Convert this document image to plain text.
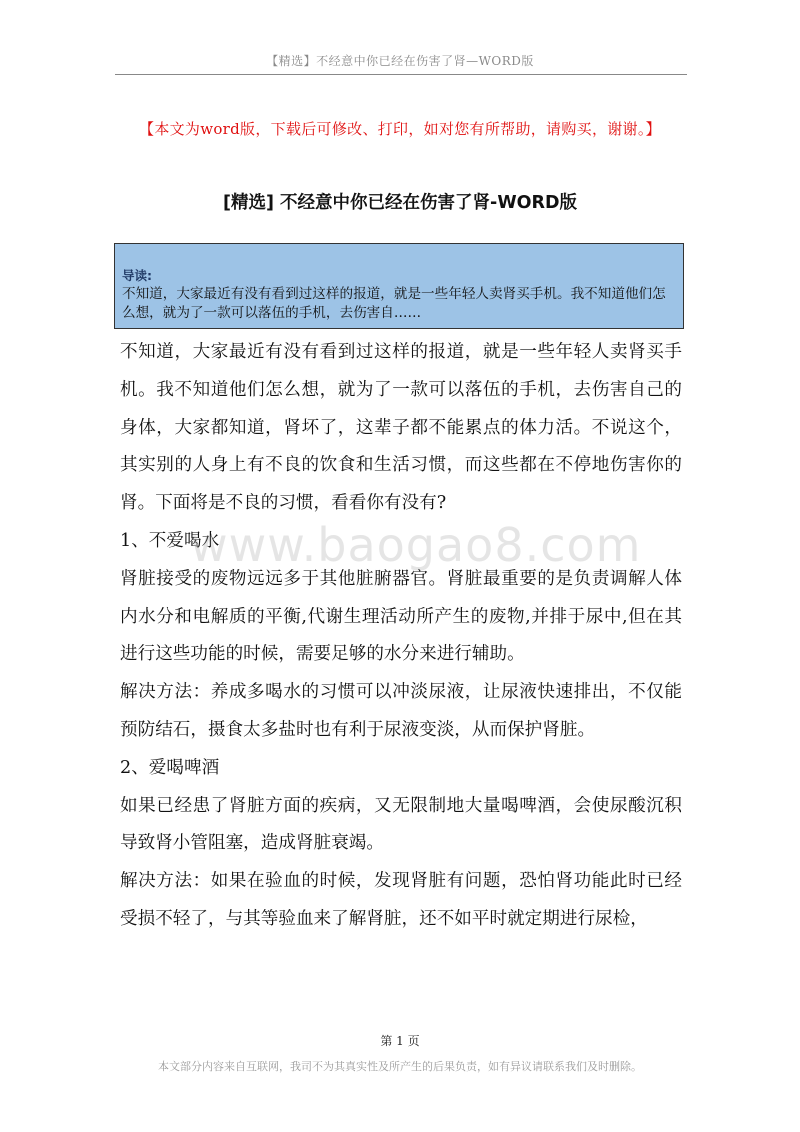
【精选】不经意中你已经在伤害了肾—WORD版
【本文为word版，下载后可修改、打印，如对您有所帮助，请购买，谢谢。】
[精选] 不经意中你已经在伤害了肾-WORD版
导读:
不知道，大家最近有没有看到过这样的报道，就是一些年轻人卖肾买手机。我不知道他们怎么想，就为了一款可以落伍的手机，去伤害自……

不知道，大家最近有没有看到过这样的报道，就是一些年轻人卖肾买手机。我不知道他们怎么想，就为了一款可以落伍的手机，去伤害自己的身体，大家都知道，肾坏了，这辈子都不能累点的体力活。不说这个，其实别的人身上有不良的饮食和生活习惯，而这些都在不停地伤害你的肾。下面将是不良的习惯，看看你有没有?

1、不爱喝水

肾脏接受的废物远远多于其他脏腑器官。肾脏最重要的是负责调解人体内水分和电解质的平衡,代谢生理活动所产生的废物,并排于尿中,但在其进行这些功能的时候，需要足够的水分来进行辅助。

解决方法：养成多喝水的习惯可以冲淡尿液，让尿液快速排出，不仅能预防结石，摄食太多盐时也有利于尿液变淡，从而保护肾脏。

2、爱喝啤酒

如果已经患了肾脏方面的疾病，又无限制地大量喝啤酒，会使尿酸沉积导致肾小管阻塞，造成肾脏衰竭。

解决方法：如果在验血的时候，发现肾脏有问题，恐怕肾功能此时已经受损不轻了，与其等验血来了解肾脏，还不如平时就定期进行尿检，

www.baogao8.com
第 1 页
本文部分内容来自互联网，我司不为其真实性及所产生的后果负责，如有异议请联系我们及时删除。
